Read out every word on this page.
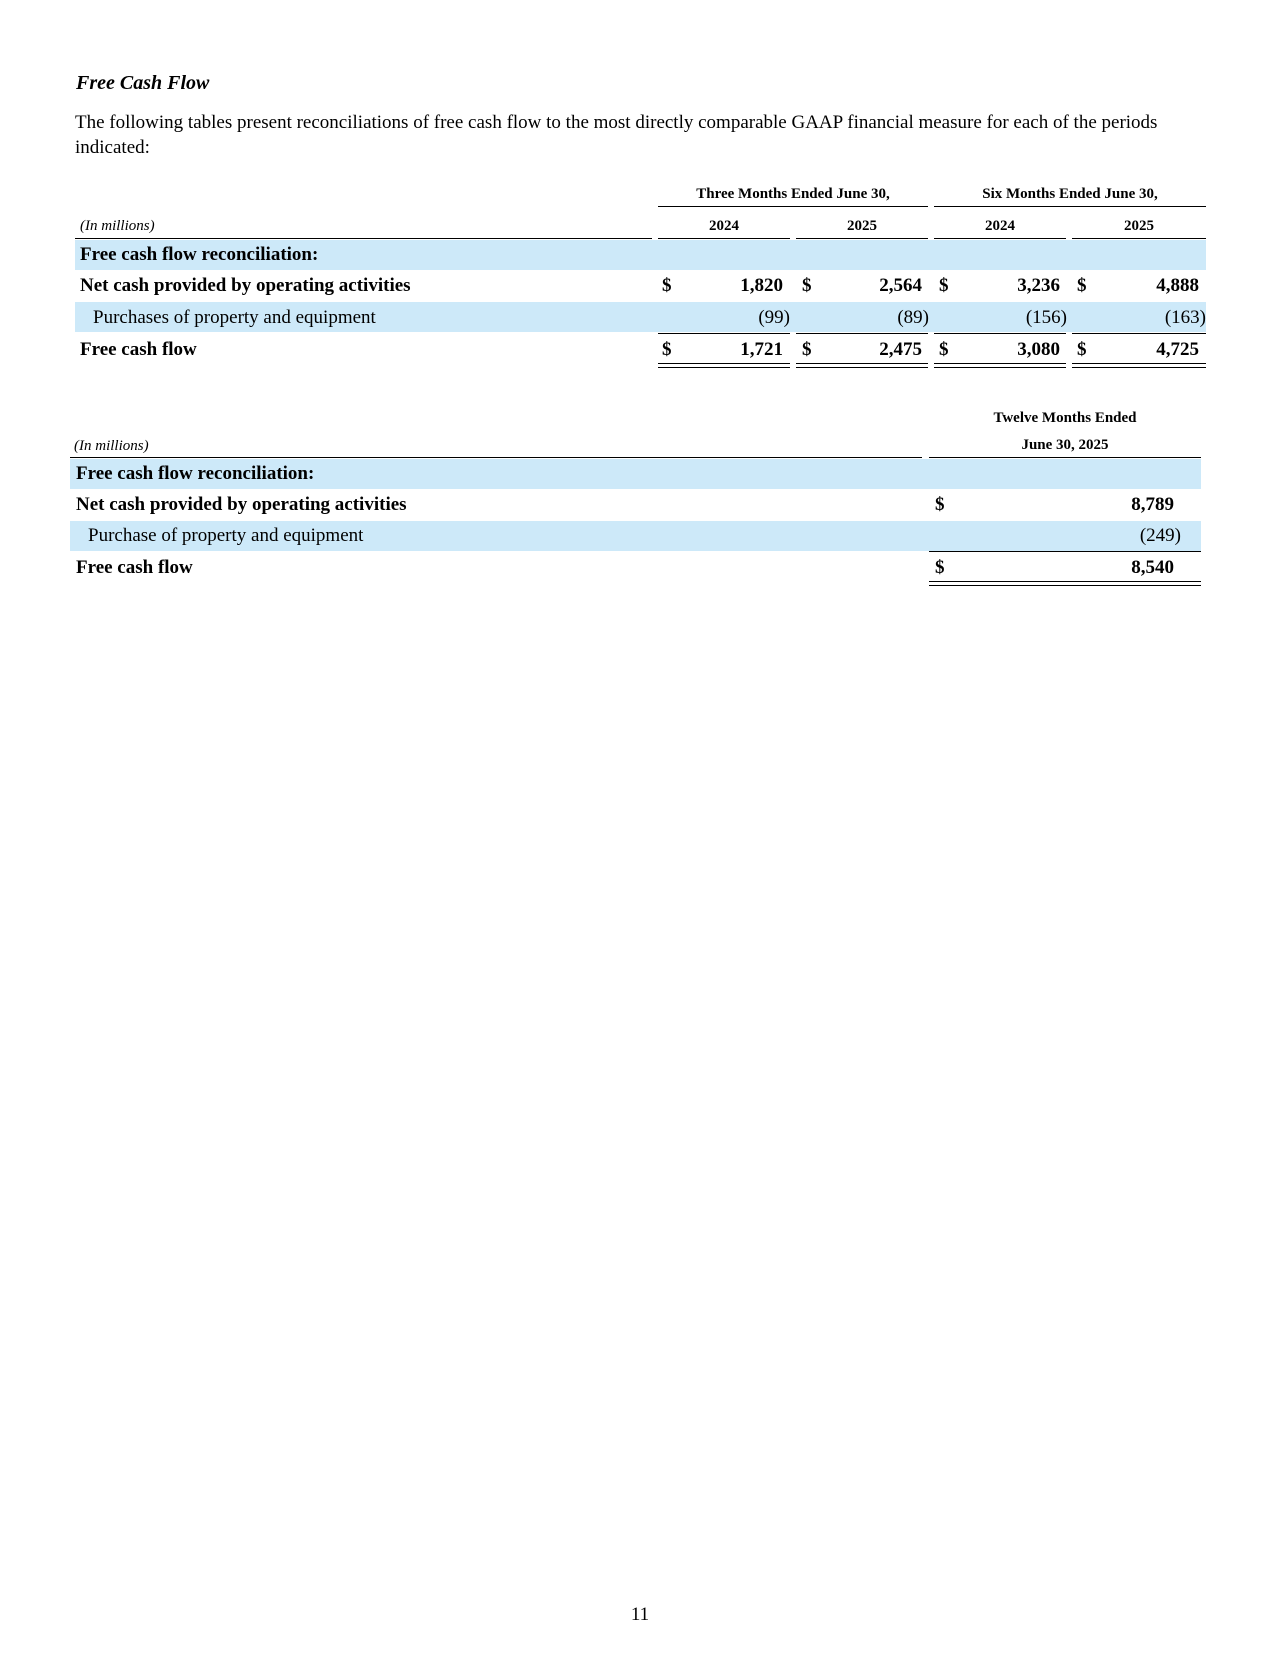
Free Cash Flow
The following tables present reconciliations of free cash flow to the most directly comparable GAAP financial measure for each of the periods indicated:
Three Months Ended June 30,	Six Months Ended June 30,
(In millions)	2024	2025	2024	2025
Free cash flow reconciliation:
Net cash provided by operating activities	$	1,820 $	2,564 $	3,236 $	4,888
Purchases of property and equipment	(99)	(89)	(156)	(163)
Free cash flow	$	1,721 $	2,475 $	3,080 $	4,725
Twelve Months Ended
June 30, 2025
(In millions)
Free cash flow reconciliation:
Net cash provided by operating activities	$	8,789
Purchase of property and equipment	(249)
Free cash flow	$	8,540
11
